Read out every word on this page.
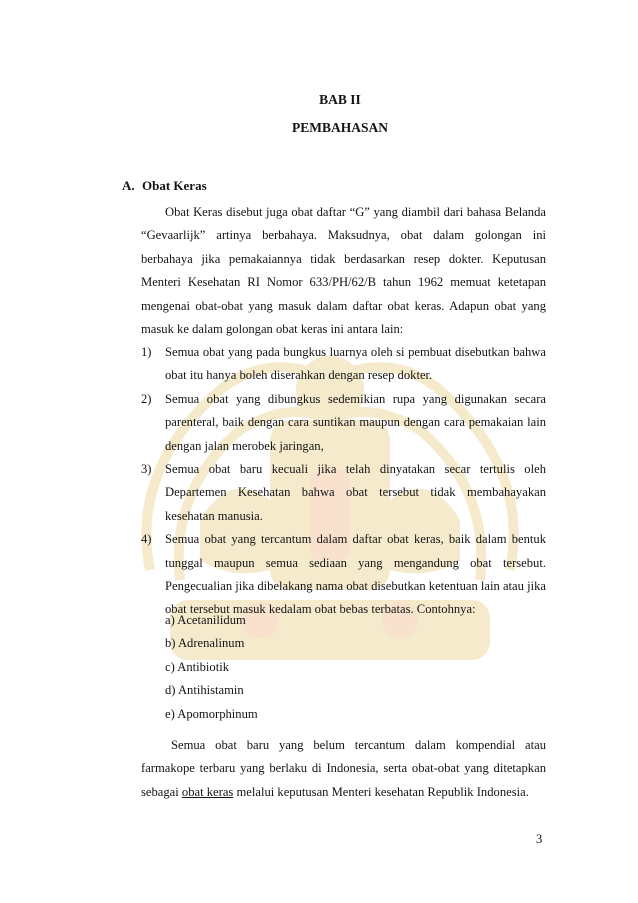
BAB II
PEMBAHASAN
A. Obat Keras

Obat Keras disebut juga obat daftar “G” yang diambil dari bahasa Belanda “Gevaarlijk” artinya berbahaya. Maksudnya, obat dalam golongan ini berbahaya jika pemakaiannya tidak berdasarkan resep dokter. Keputusan Menteri Kesehatan RI Nomor 633/PH/62/B tahun 1962 memuat ketetapan mengenai obat-obat yang masuk dalam daftar obat keras. Adapun obat yang masuk ke dalam golongan obat keras ini antara lain:

1) Semua obat yang pada bungkus luarnya oleh si pembuat disebutkan bahwa obat itu hanya boleh diserahkan dengan resep dokter.
2) Semua obat yang dibungkus sedemikian rupa yang digunakan secara parenteral, baik dengan cara suntikan maupun dengan cara pemakaian lain dengan jalan merobek jaringan,
3) Semua obat baru kecuali jika telah dinyatakan secar tertulis oleh Departemen Kesehatan bahwa obat tersebut tidak membahayakan kesehatan manusia.
4) Semua obat yang tercantum dalam daftar obat keras, baik dalam bentuk tunggal maupun semua sediaan yang mengandung obat tersebut. Pengecualian jika dibelakang nama obat disebutkan ketentuan lain atau jika obat tersebut masuk kedalam obat bebas terbatas. Contohnya:
a) Acetanilidum
b) Adrenalinum
c) Antibiotik
d) Antihistamin
e) Apomorphinum

Semua obat baru yang belum tercantum dalam kompendial atau farmakope terbaru yang berlaku di Indonesia, serta obat-obat yang ditetapkan sebagai obat keras melalui keputusan Menteri kesehatan Republik Indonesia.

3
